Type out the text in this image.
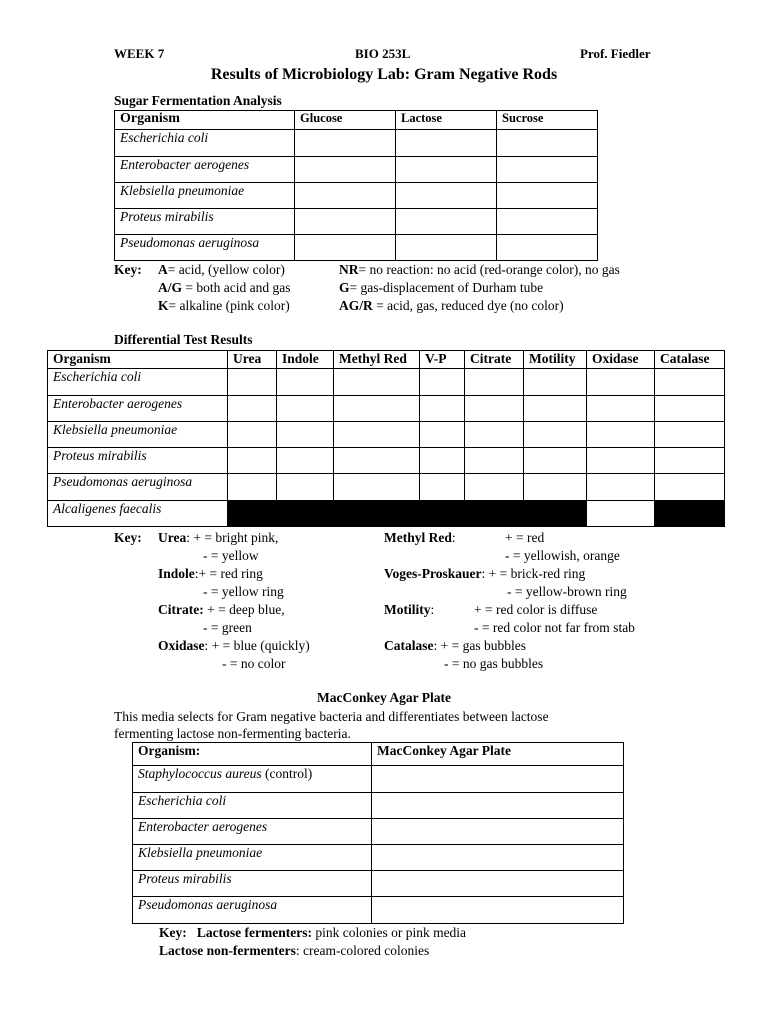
WEEK 7	BIO 253L	Prof. Fiedler
Results of Microbiology Lab: Gram Negative Rods
Sugar Fermentation Analysis
Organism	Glucose	Lactose	Sucrose
Escherichia coli			
Enterobacter aerogenes			
Klebsiella pneumoniae			
Proteus mirabilis			
Pseudomonas aeruginosa			
Key: A= acid, (yellow color)
A/G = both acid and gas
K= alkaline (pink color)
NR= no reaction: no acid (red-orange color), no gas
G= gas-displacement of Durham tube
AG/R = acid, gas, reduced dye (no color)
Differential Test Results
Organism	Urea	Indole	Methyl Red	V-P	Citrate	Motility	Oxidase	Catalase
Escherichia coli								
Enterobacter aerogenes								
Klebsiella pneumoniae								
Proteus mirabilis								
Pseudomonas aeruginosa								
Alcaligenes faecalis								
Key: Urea: + = bright pink,
- = yellow
Indole:+ = red ring
- = yellow ring
Citrate: + = deep blue,
- = green
Oxidase: + = blue (quickly)
- = no color
Methyl Red:	+ = red
- = yellowish, orange
Voges-Proskauer: + = brick-red ring
- = yellow-brown ring
Motility:	+ = red color is diffuse
- = red color not far from stab
Catalase: + = gas bubbles
- = no gas bubbles
MacConkey Agar Plate
This media selects for Gram negative bacteria and differentiates between lactose
fermenting lactose non-fermenting bacteria.
Organism:	MacConkey Agar Plate
Staphylococcus aureus (control)	
Escherichia coli	
Enterobacter aerogenes	
Klebsiella pneumoniae	
Proteus mirabilis	
Pseudomonas aeruginosa	
Key: Lactose fermenters: pink colonies or pink media
Lactose non-fermenters: cream-colored colonies
